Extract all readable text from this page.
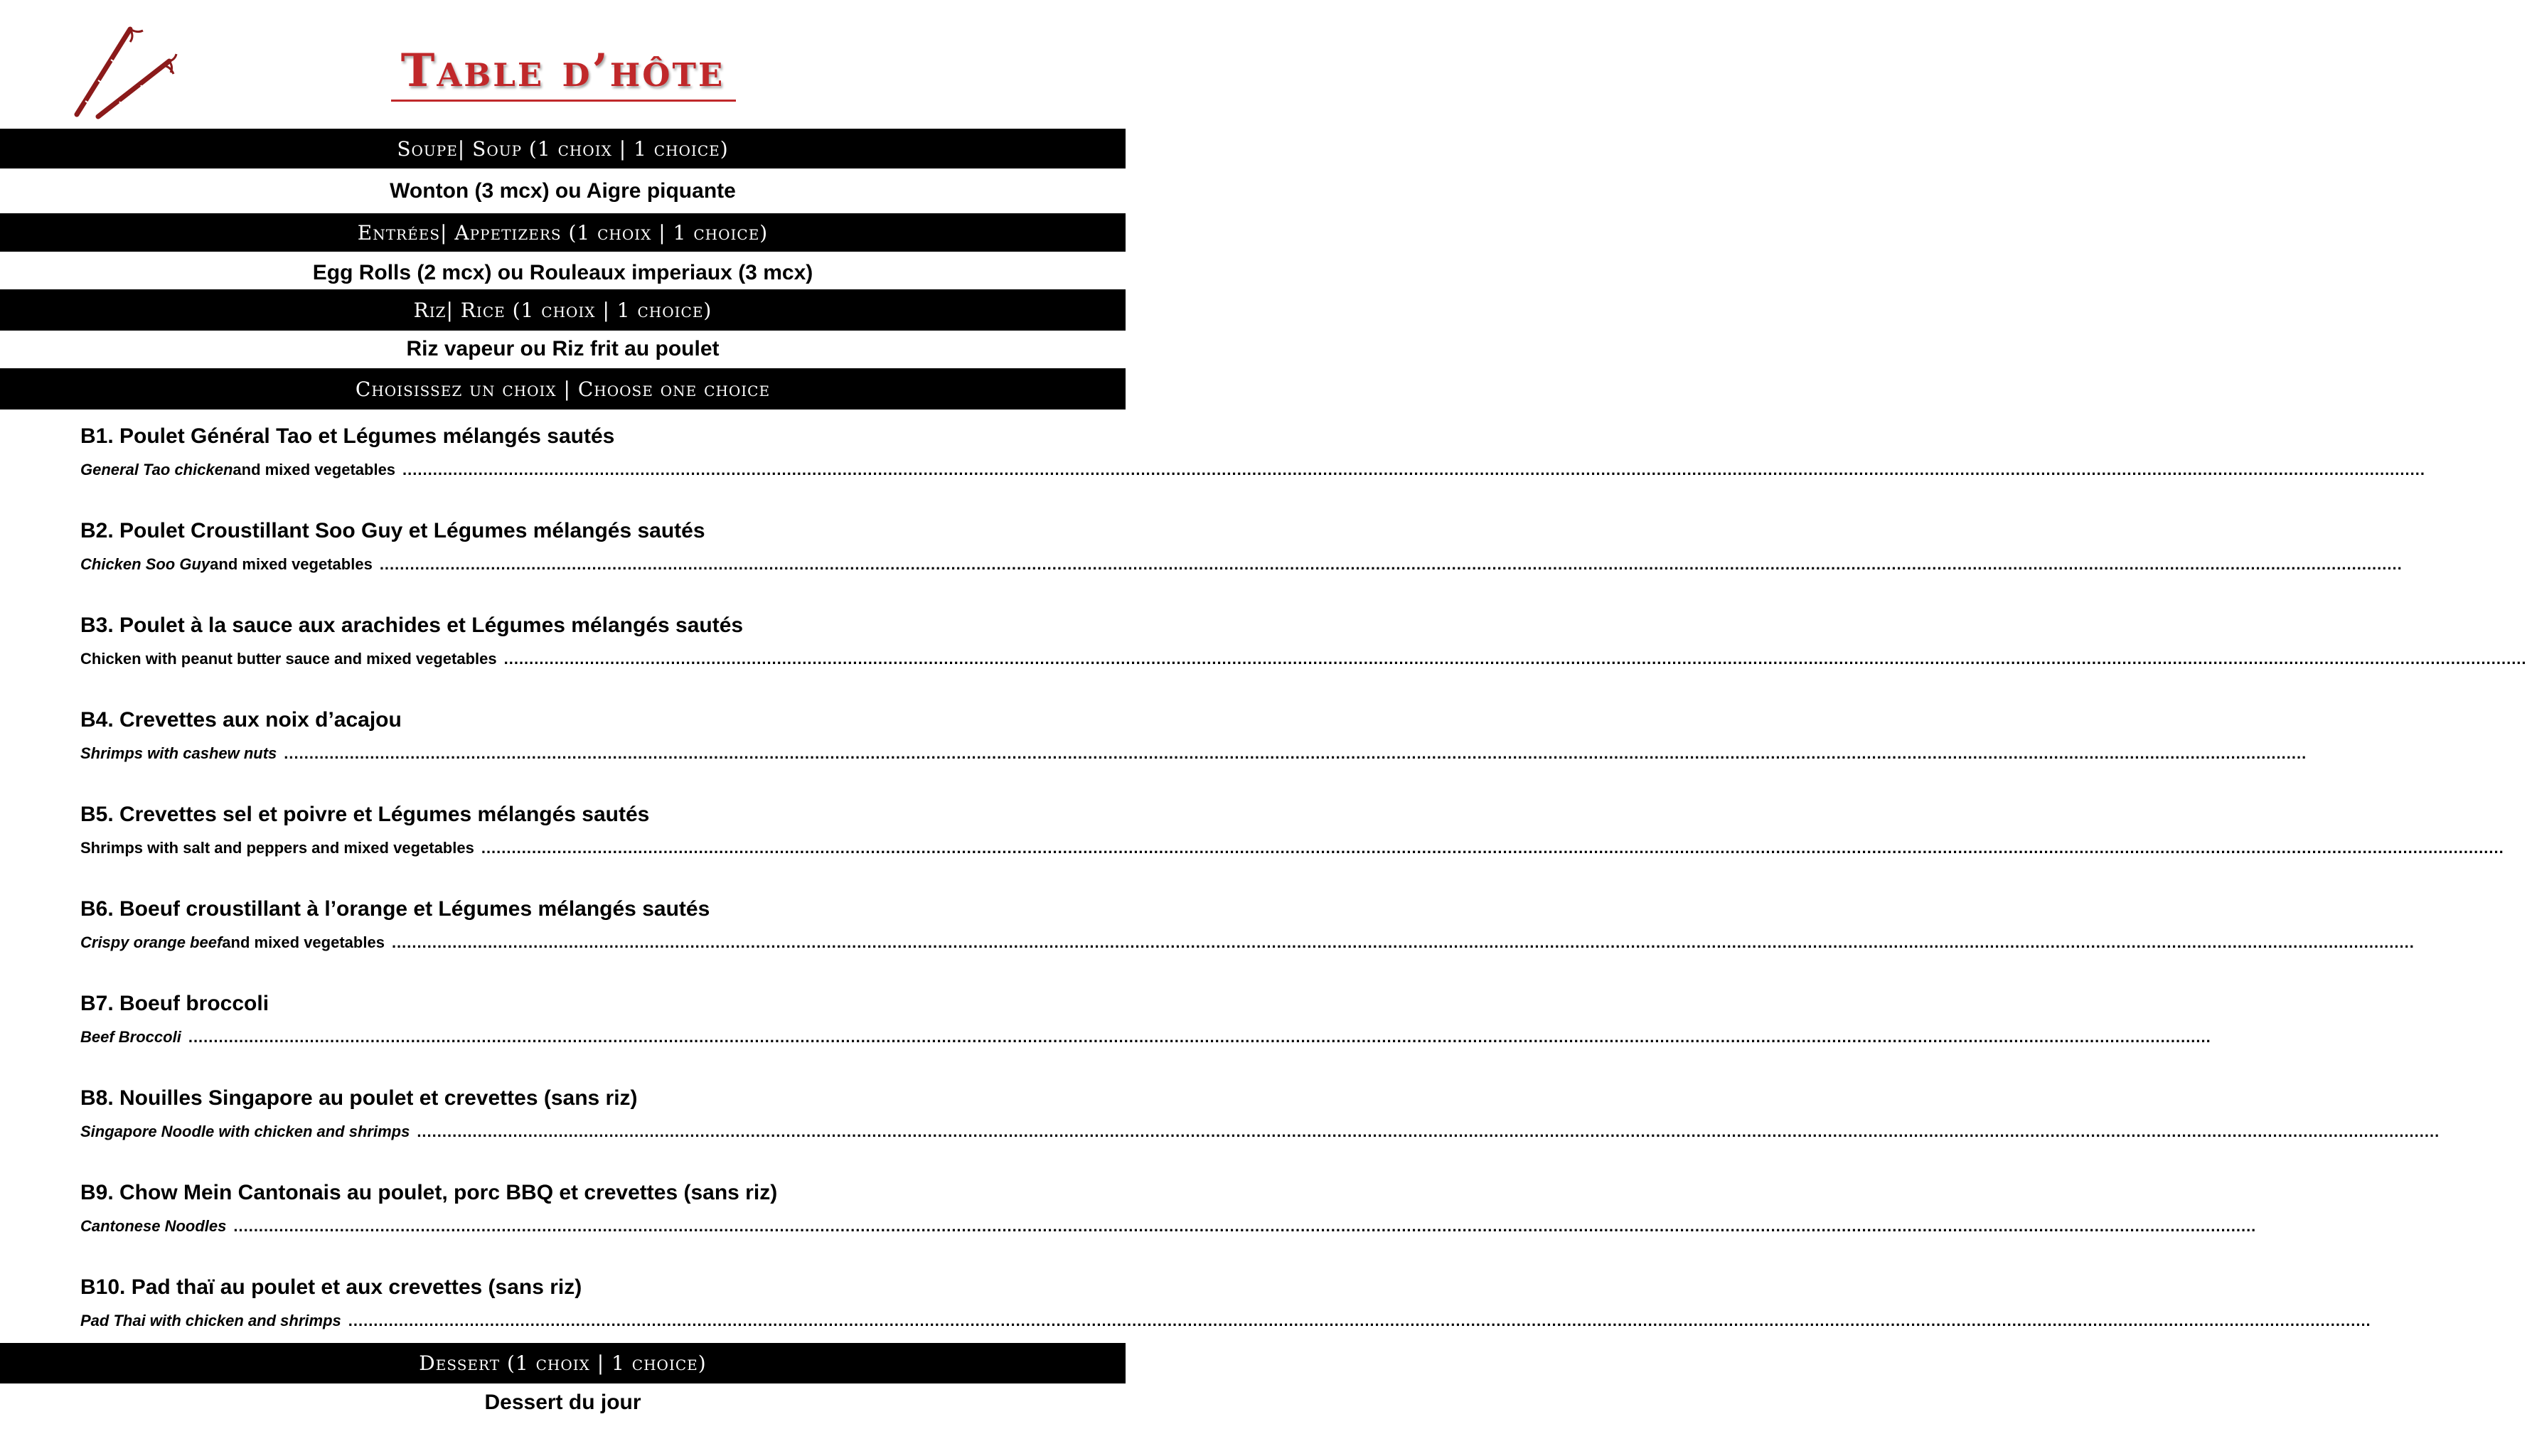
Table d’hôte
Soupe| Soup (1 choix | 1 choice)
Wonton (3 mcx) ou Aigre piquante
Entrées| Appetizers (1 choix | 1 choice)
Egg Rolls (2 mcx) ou Rouleaux imperiaux (3 mcx)
Riz| Rice (1 choix | 1 choice)
Riz vapeur ou Riz frit au poulet
Choisissez un choix | Choose one choice
B1. Poulet Général Tao et Légumes mélangés sautés
General Tao chicken and mixed vegetables ................................................................................................................................................................................................................................................................................................................................................................................................................
B2. Poulet Croustillant Soo Guy et Légumes mélangés sautés
Chicken Soo Guy and mixed vegetables ................................................................................................................................................................................................................................................................................................................................................................................................................
B3. Poulet à la sauce aux arachides et Légumes mélangés sautés
Chicken with peanut butter sauce and mixed vegetables ................................................................................................................................................................................................................................................................................................................................................................................................................
B4. Crevettes aux noix d’acajou
Shrimps with cashew nuts ................................................................................................................................................................................................................................................................................................................................................................................................................
B5. Crevettes sel et poivre et Légumes mélangés sautés
Shrimps with salt and peppers and mixed vegetables ................................................................................................................................................................................................................................................................................................................................................................................................................
B6. Boeuf croustillant à l’orange et Légumes mélangés sautés
Crispy orange beef and mixed vegetables ................................................................................................................................................................................................................................................................................................................................................................................................................
B7. Boeuf broccoli
Beef Broccoli ................................................................................................................................................................................................................................................................................................................................................................................................................
B8. Nouilles Singapore au poulet et crevettes (sans riz)
Singapore Noodle with chicken and shrimps ................................................................................................................................................................................................................................................................................................................................................................................................................
B9. Chow Mein Cantonais au poulet, porc BBQ et crevettes (sans riz)
Cantonese Noodles ................................................................................................................................................................................................................................................................................................................................................................................................................
B10. Pad thaï au poulet et aux crevettes (sans riz)
Pad Thai with chicken and shrimps ................................................................................................................................................................................................................................................................................................................................................................................................................
Dessert (1 choix | 1 choice)
Dessert du jour
